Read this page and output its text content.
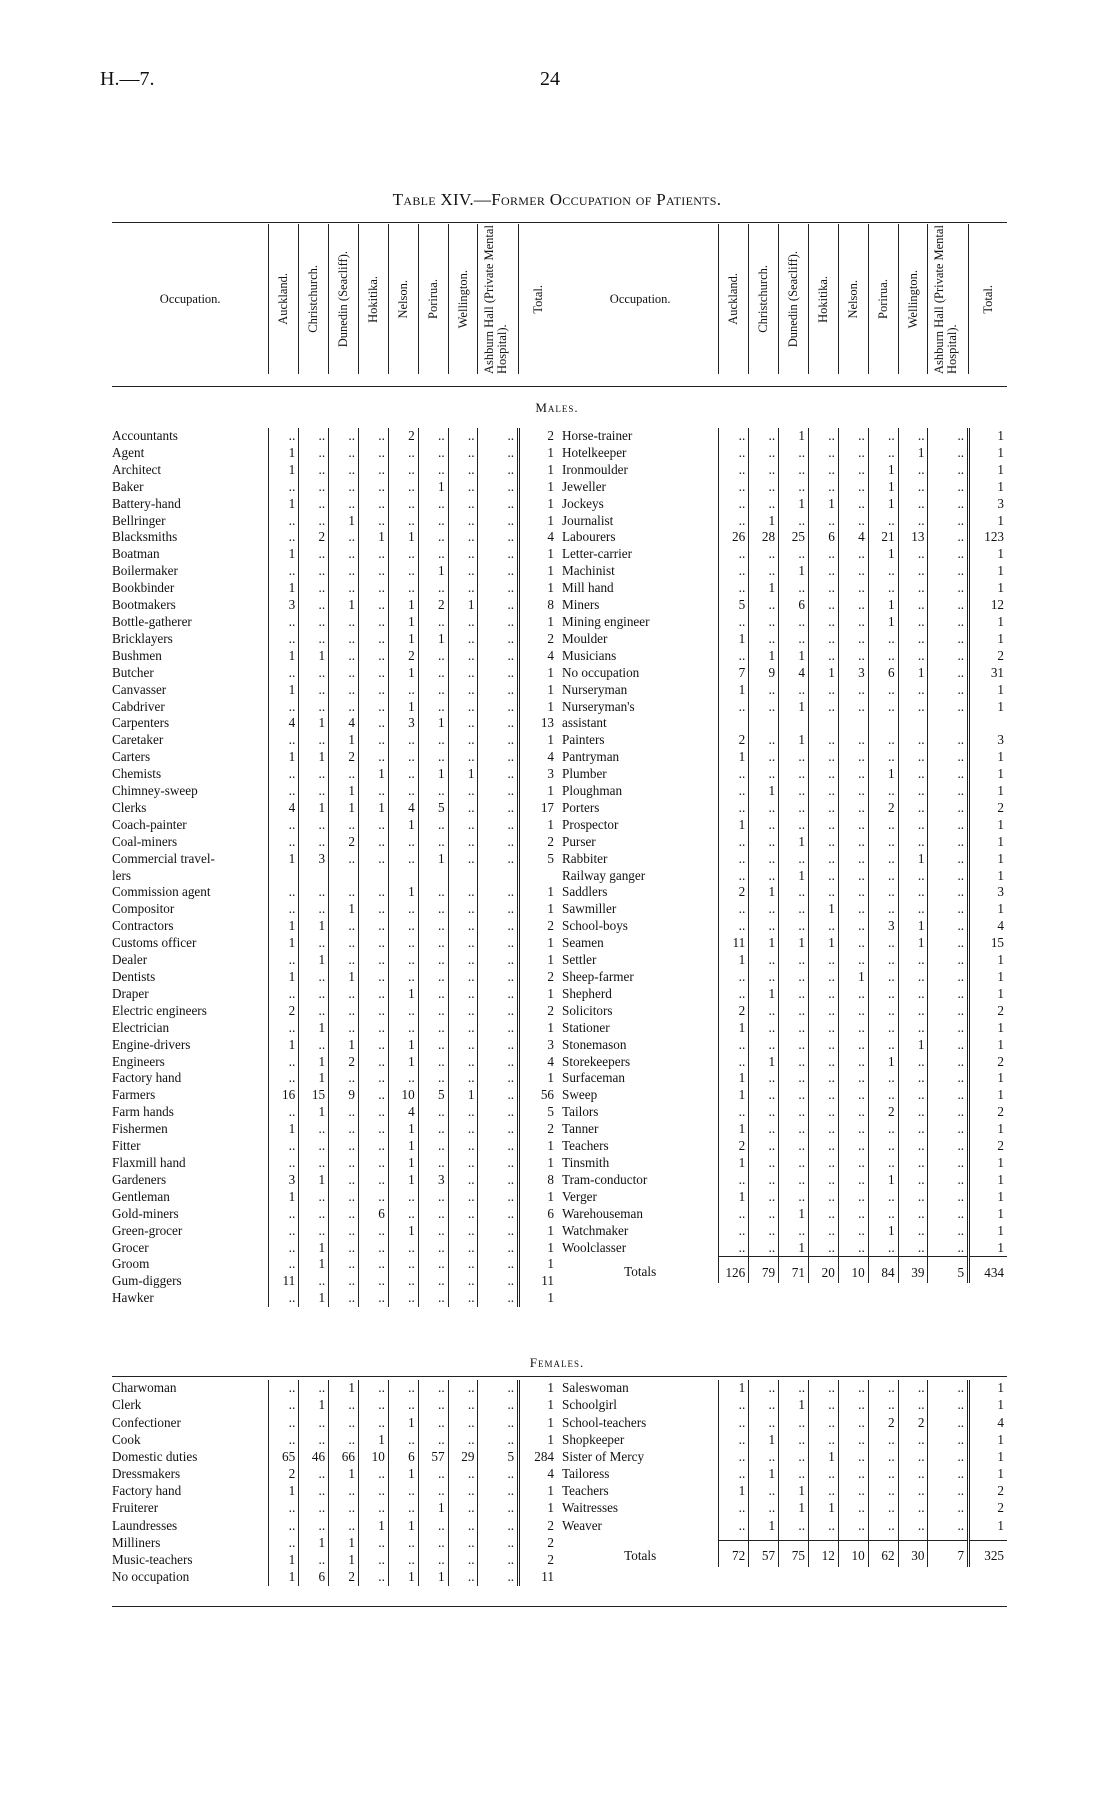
H.—7.	24
Table XIV.—Former Occupation of Patients.
Occupation.	Auckland.	Christchurch.	Dunedin (Seacliff).	Hokitika.	Nelson.	Porirua.	Wellington.	Ashburn Hall (Private Mental Hospital).

Total.	Occupation.	Auckland.	Christchurch.	Dunedin (Seacliff).	Hokitika.	Nelson.	Porirua.	Wellington.	Ashburn Hall (Private Mental Hospital).

Total.
Males.
Accountants	..	..	..	..	2	..	..	..	2
Agent	1	..	..	..	..	..	..	..	1
Architect	1	..	..	..	..	..	..	..	1
Baker	..	..	..	..	..	1	..	..	1
Battery-hand	1	..	..	..	..	..	..	..	1
Bellringer	..	..	1	..	..	..	..	..	1
Blacksmiths	..	2	..	1	1	..	..	..	4
Boatman	1	..	..	..	..	..	..	..	1
Boilermaker	..	..	..	..	..	1	..	..	1
Bookbinder	1	..	..	..	..	..	..	..	1
Bootmakers	3	..	1	..	1	2	1	..	8
Bottle-gatherer	..	..	..	..	1	..	..	..	1
Bricklayers	..	..	..	..	1	1	..	..	2
Bushmen	1	1	..	..	2	..	..	..	4
Butcher	..	..	..	..	1	..	..	..	1
Canvasser	1	..	..	..	..	..	..	..	1
Cabdriver	..	..	..	..	1	..	..	..	1
Carpenters	4	1	4	..	3	1	..	..	13
Caretaker	..	..	1	..	..	..	..	..	1
Carters	1	1	2	..	..	..	..	..	4
Chemists	..	..	..	1	..	1	1	..	3
Chimney-sweep	..	..	1	..	..	..	..	..	1
Clerks	4	1	1	1	4	5	..	..	17
Coach-painter	..	..	..	..	1	..	..	..	1
Coal-miners	..	..	2	..	..	..	..	..	2
Commercial travel-	1	3	..	..	..	1	..	..	5
lers									
Commission agent	..	..	..	..	1	..	..	..	1
Compositor	..	..	1	..	..	..	..	..	1
Contractors	1	1	..	..	..	..	..	..	2
Customs officer	1	..	..	..	..	..	..	..	1
Dealer	..	1	..	..	..	..	..	..	1
Dentists	1	..	1	..	..	..	..	..	2
Draper	..	..	..	..	1	..	..	..	1
Electric engineers	2	..	..	..	..	..	..	..	2
Electrician	..	1	..	..	..	..	..	..	1
Engine-drivers	1	..	1	..	1	..	..	..	3
Engineers	..	1	2	..	1	..	..	..	4
Factory hand	..	1	..	..	..	..	..	..	1
Farmers	16	15	9	..	10	5	1	..	56
Farm hands	..	1	..	..	4	..	..	..	5
Fishermen	1	..	..	..	1	..	..	..	2
Fitter	..	..	..	..	1	..	..	..	1
Flaxmill hand	..	..	..	..	1	..	..	..	1
Gardeners	3	1	..	..	1	3	..	..	8
Gentleman	1	..	..	..	..	..	..	..	1
Gold-miners	..	..	..	6	..	..	..	..	6
Green-grocer	..	..	..	..	1	..	..	..	1
Grocer	..	1	..	..	..	..	..	..	1
Groom	..	1	..	..	..	..	..	..	1
Gum-diggers	11	..	..	..	..	..	..	..	11
Hawker	..	1	..	..	..	..	..	..	1
Horse-trainer	..	..	1	..	..	..	..	..	1
Hotelkeeper	..	..	..	..	..	..	1	..	1
Ironmoulder	..	..	..	..	..	1	..	..	1
Jeweller	..	..	..	..	..	1	..	..	1
Jockeys	..	..	1	1	..	1	..	..	3
Journalist	..	1	..	..	..	..	..	..	1
Labourers	26	28	25	6	4	21	13	..	123
Letter-carrier	..	..	..	..	..	1	..	..	1
Machinist	..	..	1	..	..	..	..	..	1
Mill hand	..	1	..	..	..	..	..	..	1
Miners	5	..	6	..	..	1	..	..	12
Mining engineer	..	..	..	..	..	1	..	..	1
Moulder	1	..	..	..	..	..	..	..	1
Musicians	..	1	1	..	..	..	..	..	2
No occupation	7	9	4	1	3	6	1	..	31
Nurseryman	1	..	..	..	..	..	..	..	1
Nurseryman's	..	..	1	..	..	..	..	..	1
assistant									
Painters	2	..	1	..	..	..	..	..	3
Pantryman	1	..	..	..	..	..	..	..	1
Plumber	..	..	..	..	..	1	..	..	1
Ploughman	..	1	..	..	..	..	..	..	1
Porters	..	..	..	..	..	2	..	..	2
Prospector	1	..	..	..	..	..	..	..	1
Purser	..	..	1	..	..	..	..	..	1
Rabbiter	..	..	..	..	..	..	1	..	1
Railway ganger	..	..	1	..	..	..	..	..	1
Saddlers	2	1	..	..	..	..	..	..	3
Sawmiller	..	..	..	1	..	..	..	..	1
School-boys	..	..	..	..	..	3	1	..	4
Seamen	11	1	1	1	..	..	1	..	15
Settler	1	..	..	..	..	..	..	..	1
Sheep-farmer	..	..	..	..	1	..	..	..	1
Shepherd	..	1	..	..	..	..	..	..	1
Solicitors	2	..	..	..	..	..	..	..	2
Stationer	1	..	..	..	..	..	..	..	1
Stonemason	..	..	..	..	..	..	1	..	1
Storekeepers	..	1	..	..	..	1	..	..	2
Surfaceman	1	..	..	..	..	..	..	..	1
Sweep	1	..	..	..	..	..	..	..	1
Tailors	..	..	..	..	..	2	..	..	2
Tanner	1	..	..	..	..	..	..	..	1
Teachers	2	..	..	..	..	..	..	..	2
Tinsmith	1	..	..	..	..	..	..	..	1
Tram-conductor	..	..	..	..	..	1	..	..	1
Verger	1	..	..	..	..	..	..	..	1
Warehouseman	..	..	1	..	..	..	..	..	1
Watchmaker	..	..	..	..	..	1	..	..	1
Woolclasser	..	..	1	..	..	..	..	..	1
Totals	126	79	71	20	10	84	39	5	434
Females.
Charwoman	..	..	1	..	..	..	..	..	1
Clerk	..	1	..	..	..	..	..	..	1
Confectioner	..	..	..	..	1	..	..	..	1
Cook	..	..	..	1	..	..	..	..	1
Domestic duties	65	46	66	10	6	57	29	5	284
Dressmakers	2	..	1	..	1	..	..	..	4
Factory hand	1	..	..	..	..	..	..	..	1
Fruiterer	..	..	..	..	..	1	..	..	1
Laundresses	..	..	..	1	1	..	..	..	2
Milliners	..	1	1	..	..	..	..	..	2
Music-teachers	1	..	1	..	..	..	..	..	2
No occupation	1	6	2	..	1	1	..	..	11
Saleswoman	1	..	..	..	..	..	..	..	1
Schoolgirl	..	..	1	..	..	..	..	..	1
School-teachers	..	..	..	..	..	2	2	..	4
Shopkeeper	..	1	..	..	..	..	..	..	1
Sister of Mercy	..	..	..	1	..	..	..	..	1
Tailoress	..	1	..	..	..	..	..	..	1
Teachers	1	..	1	..	..	..	..	..	2
Waitresses	..	..	1	1	..	..	..	..	2
Weaver	..	1	..	..	..	..	..	..	1

Totals	72	57	75	12	10	62	30	7	325
